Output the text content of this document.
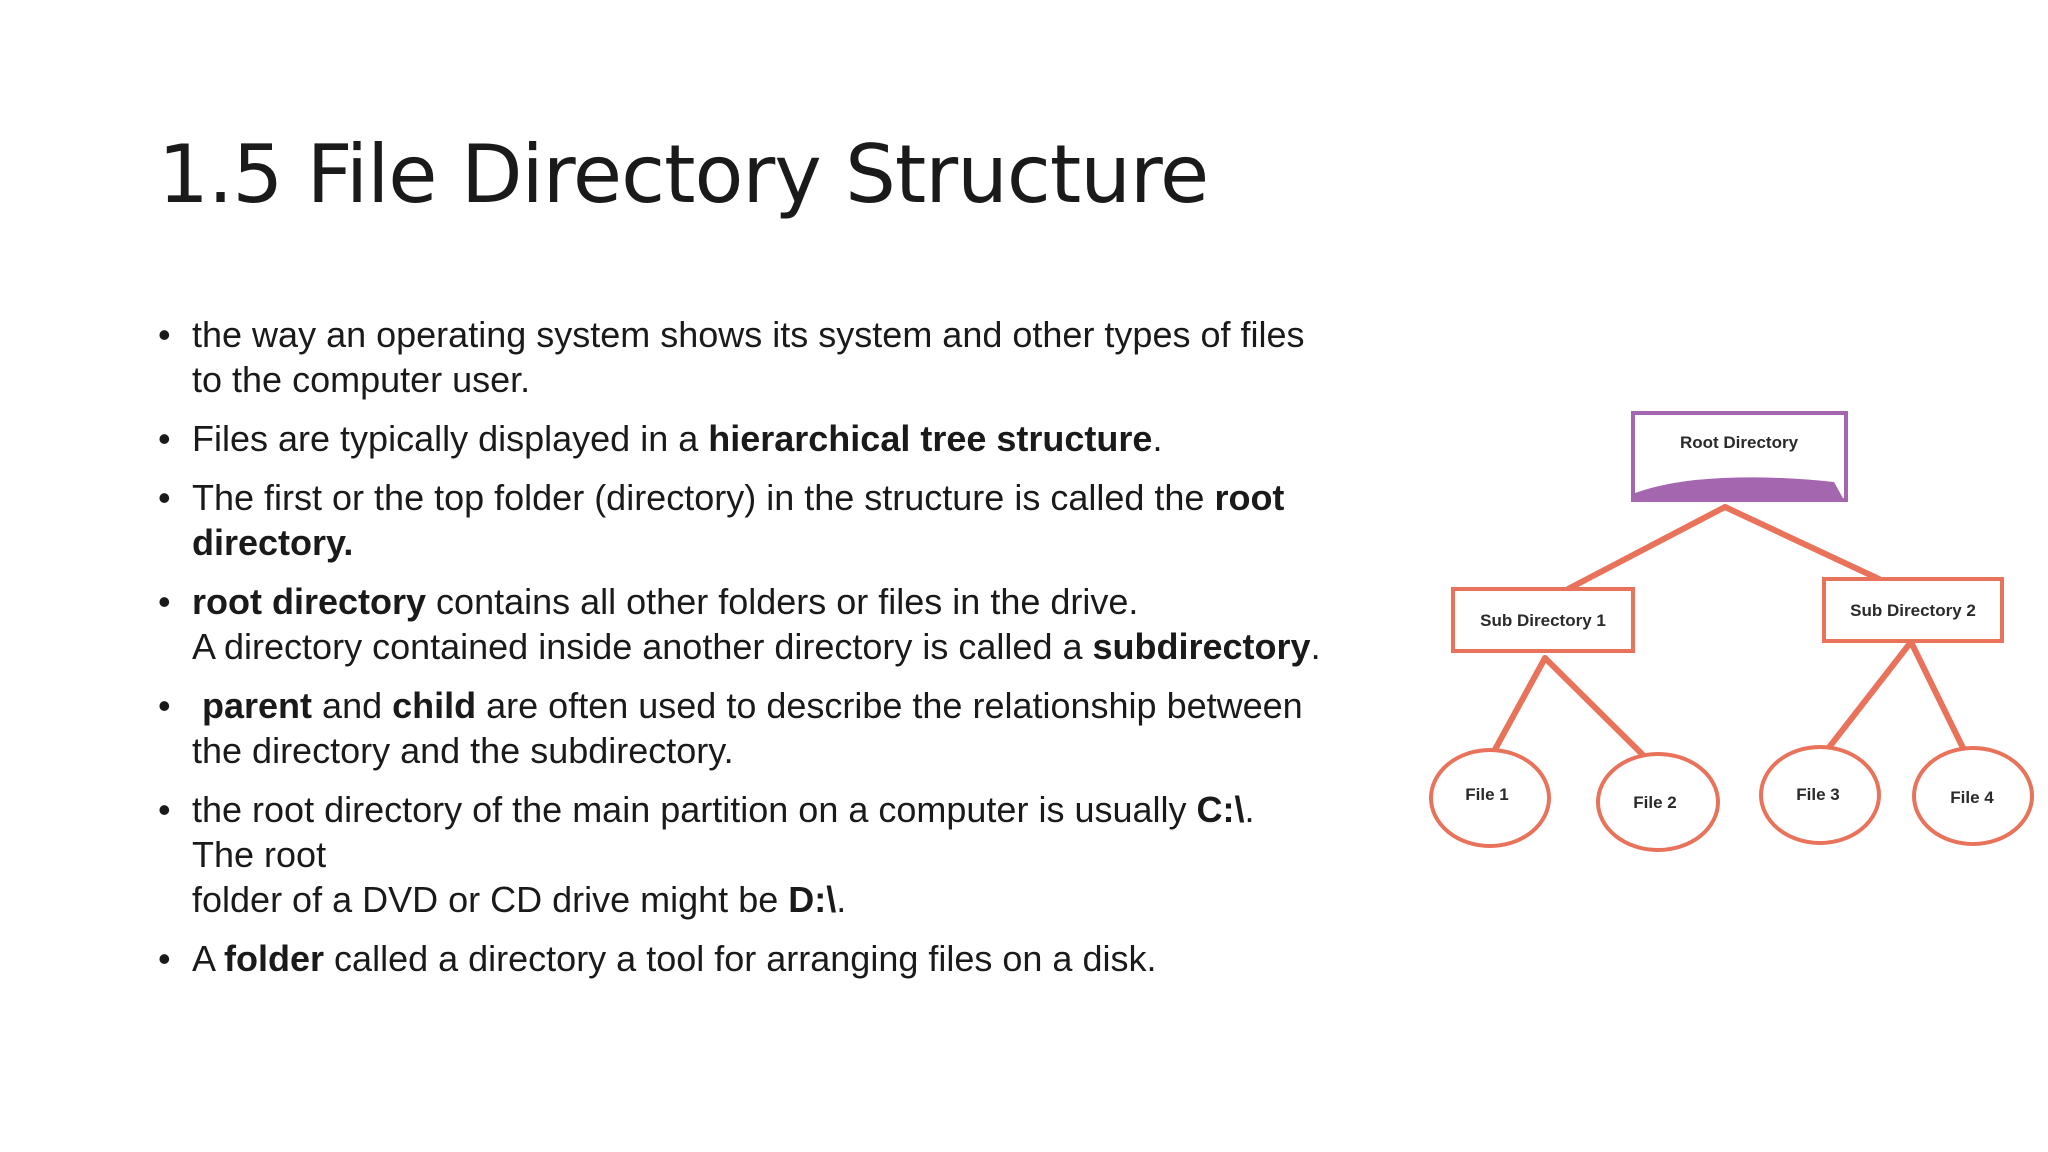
1.5 File Directory Structure
• the way an operating system shows its system and other types of files
to the computer user.
• Files are typically displayed in a hierarchical tree structure.
• The first or the top folder (directory) in the structure is called the root
directory.
• root directory contains all other folders or files in the drive.
A directory contained inside another directory is called a subdirectory.
• parent and child are often used to describe the relationship between
the directory and the subdirectory.
• the root directory of the main partition on a computer is usually C:\.
The root
folder of a DVD or CD drive might be D:\.
• A folder called a directory a tool for arranging files on a disk.
Root Directory
Sub Directory 1
Sub Directory 2
File 1	File 2	File 3	File 4
